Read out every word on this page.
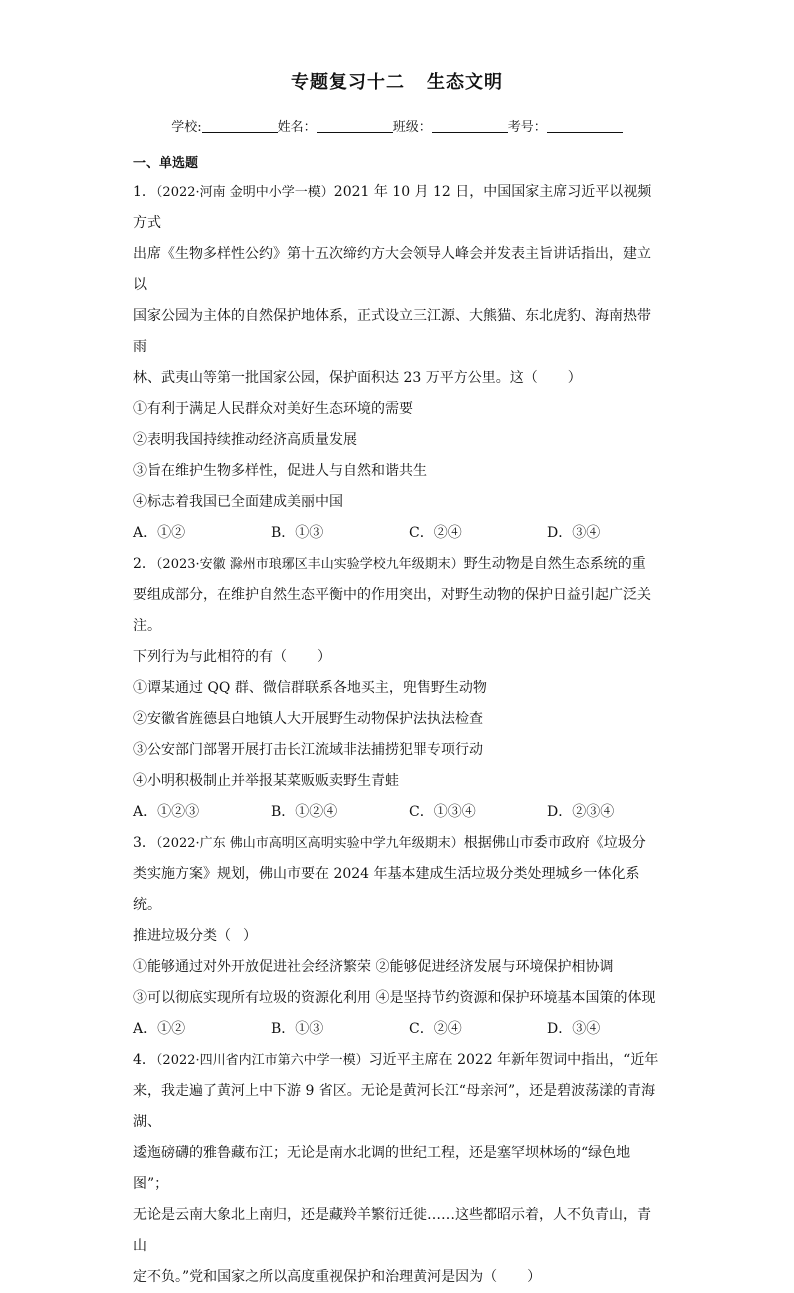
专题复习十二 生态文明
学校:	姓名：	班级：	考号：
一、单选题

1．（2022·河南 金明中小学一模）2021 年 10 月 12 日，中国国家主席习近平以视频方式

出席《生物多样性公约》第十五次缔约方大会领导人峰会并发表主旨讲话指出，建立以

国家公园为主体的自然保护地体系，正式设立三江源、大熊猫、东北虎豹、海南热带雨

林、武夷山等第一批国家公园，保护面积达 23 万平方公里。这（ ）

①有利于满足人民群众对美好生态环境的需要

②表明我国持续推动经济高质量发展

③旨在维护生物多样性，促进人与自然和谐共生

④标志着我国已全面建成美丽中国

A．①②	B．①③	C．②④	D．③④

2．（2023·安徽 滁州市琅琊区丰山实验学校九年级期末）野生动物是自然生态系统的重

要组成部分，在维护自然生态平衡中的作用突出，对野生动物的保护日益引起广泛关注。

下列行为与此相符的有（ ）

①谭某通过 QQ 群、微信群联系各地买主，兜售野生动物

②安徽省旌德县白地镇人大开展野生动物保护法执法检查

③公安部门部署开展打击长江流域非法捕捞犯罪专项行动

④小明积极制止并举报某菜贩贩卖野生青蛙

A．①②③	B．①②④	C．①③④	D．②③④

3．（2022·广东 佛山市高明区高明实验中学九年级期末）根据佛山市委市政府《垃圾分

类实施方案》规划，佛山市要在 2024 年基本建成生活垃圾分类处理城乡一体化系统。

推进垃圾分类（ ）

①能够通过对外开放促进社会经济繁荣 ②能够促进经济发展与环境保护相协调

③可以彻底实现所有垃圾的资源化利用 ④是坚持节约资源和保护环境基本国策的体现

A．①②	B．①③	C．②④	D．③④

4．（2022·四川省内江市第六中学一模）习近平主席在 2022 年新年贺词中指出，“近年

来，我走遍了黄河上中下游 9 省区。无论是黄河长江“母亲河”，还是碧波荡漾的青海湖、

逶迤磅礴的雅鲁藏布江；无论是南水北调的世纪工程，还是塞罕坝林场的“绿色地图”；

无论是云南大象北上南归，还是藏羚羊繁衍迁徙……这些都昭示着，人不负青山，青山

定不负。”党和国家之所以高度重视保护和治理黄河是因为（ ）
